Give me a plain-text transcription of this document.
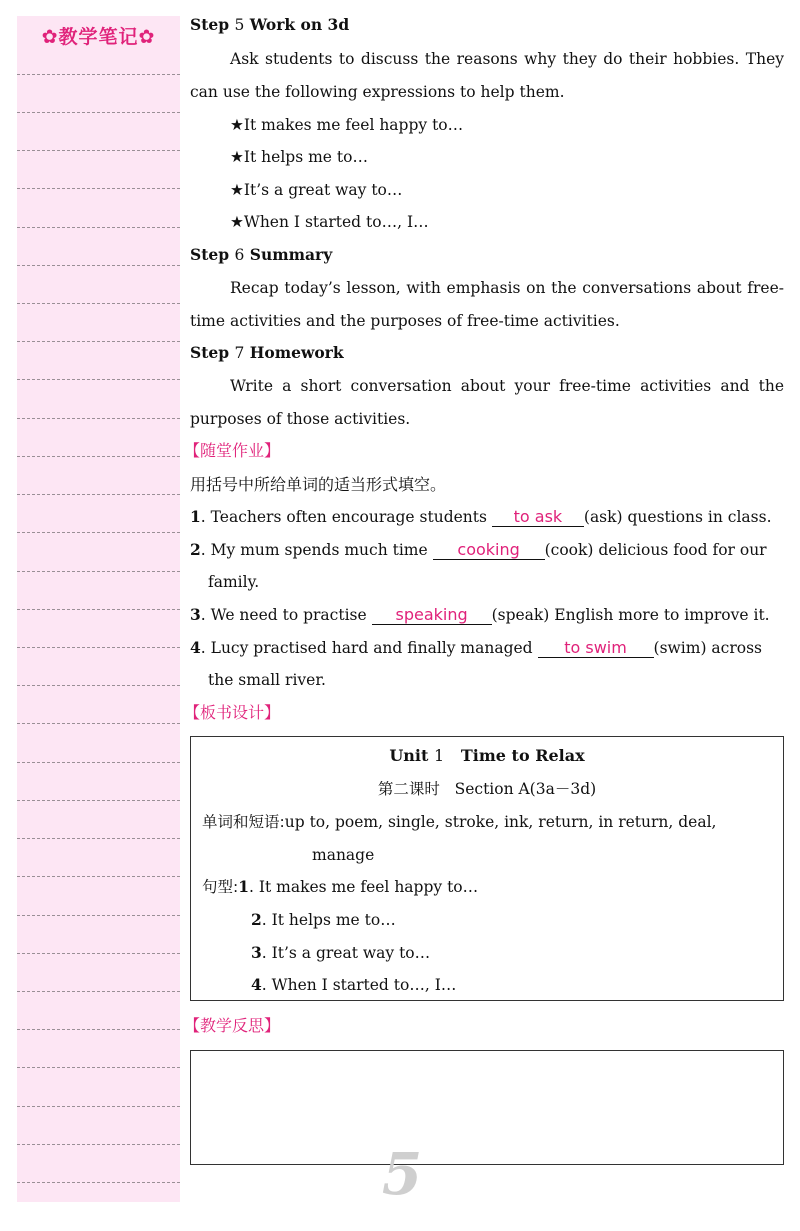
✿教学笔记✿
Step 5 Work on 3d
Ask students to discuss the reasons why they do their hobbies. They
can use the following expressions to help them.
★It makes me feel happy to…
★It helps me to…
★It’s a great way to…
★When I started to…, I…
Step 6 Summary
Recap today’s lesson, with emphasis on the conversations about free-
time activities and the purposes of free-time activities.
Step 7 Homework
Write a short conversation about your free-time activities and the
purposes of those activities.
【随堂作业】
用括号中所给单词的适当形式填空。
1. Teachers often encourage students to ask (ask) questions in class.
2. My mum spends much time cooking (cook) delicious food for our
family.
3. We need to practise speaking (speak) English more to improve it.
4. Lucy practised hard and finally managed to swim (swim) across
the small river.
【板书设计】
Unit 1 Time to Relax
第二课时   Section A(3a－3d)
单词和短语:up to, poem, single, stroke, ink, return, in return, deal,
manage
句型:1. It makes me feel happy to…
2. It helps me to…
3. It’s a great way to…
4. When I started to…, I…
【教学反思】
5
